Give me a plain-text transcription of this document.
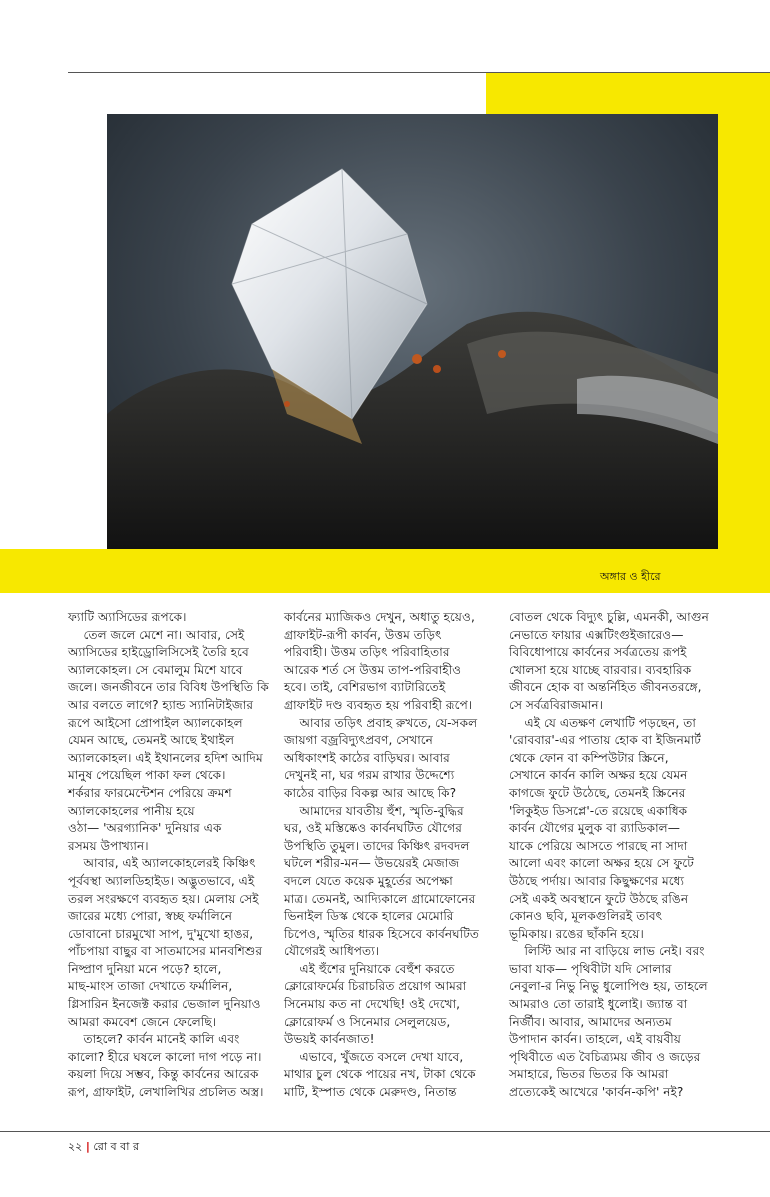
অঙ্গার ও হীরে
ফ্যাটি অ্যাসিডের রূপকে।
তেল জলে মেশে না। আবার, সেই
অ্যাসিডের হাইড্রোলিসিসেই তৈরি হবে
অ্যালকোহল। সে বেমালুম মিশে যাবে
জলে। জনজীবনে তার বিবিধ উপস্থিতি কি
আর বলতে লাগে? হ্যান্ড স্যানিটাইজার
রূপে আইসো প্রোপাইল অ্যালকোহল
যেমন আছে, তেমনই আছে ইথাইল
অ্যালকোহল। এই ইথানলের হদিশ আদিম
মানুষ পেয়েছিল পাকা ফল থেকে।
শর্করার ফারমেন্টেশন পেরিয়ে ক্রমশ
অ্যালকোহলের পানীয় হয়ে
ওঠা— 'অরগ্যানিক' দুনিয়ার এক
রসময় উপাখ্যান।
আবার, এই অ্যালকোহলেরই কিঞ্চিৎ
পূর্ববস্থা অ্যালডিহাইড। অদ্ভুতভাবে, এই
তরল সংরক্ষণে ব্যবহৃত হয়। মেলায় সেই
জারের মধ্যে পোরা, স্বচ্ছ ফর্মালিনে
ডোবানো চারমুখো সাপ, দু'মুখো হাঙর,
পাঁচপায়া বাছুর বা সাতমাসের মানবশিশুর
নিষ্প্রাণ দুনিয়া মনে পড়ে? হালে,
মাছ-মাংস তাজা দেখাতে ফর্মালিন,
গ্লিসারিন ইনজেক্ট করার ভেজাল দুনিয়াও
আমরা কমবেশ জেনে ফেলেছি।
তাহলে? কার্বন মানেই কালি এবং
কালো? হীরে ঘষলে কালো দাগ পড়ে না।
কয়লা দিয়ে সম্ভব, কিন্তু কার্বনের আরেক
রূপ, গ্রাফাইট, লেখালিখির প্রচলিত অস্ত্র।
কার্বনের ম্যাজিকও দেখুন, অধাতু হয়েও,
গ্রাফাইট-রূপী কার্বন, উত্তম তড়িৎ
পরিবাহী। উত্তম তড়িৎ পরিবাহিতার
আরেক শর্ত সে উত্তম তাপ-পরিবাহীও
হবে। তাই, বেশিরভাগ ব্যাটারিতেই
গ্রাফাইট দণ্ড ব্যবহৃত হয় পরিবাহী রূপে।
আবার তড়িৎ প্রবাহ রুখতে, যে-সকল
জায়গা বজ্রবিদ্যুৎপ্রবণ, সেখানে
অধিকাংশই কাঠের বাড়িঘর। আবার
দেখুনই না, ঘর গরম রাখার উদ্দেশ্যে
কাঠের বাড়ির বিকল্প আর আছে কি?
আমাদের যাবতীয় হুঁশ, স্মৃতি-বুদ্ধির
ঘর, ওই মস্তিষ্কেও কার্বনঘটিত যৌগের
উপস্থিতি তুমুল। তাদের কিঞ্চিৎ রদবদল
ঘটলে শরীর-মন— উভয়েরই মেজাজ
বদলে যেতে কয়েক মুহূর্তের অপেক্ষা
মাত্র। তেমনই, আদ্যিকালে গ্রামোফোনের
ভিনাইল ডিস্ক থেকে হালের মেমোরি
চিপেও, স্মৃতির ধারক হিসেবে কার্বনঘটিত
যৌগেরই আধিপত্য।
এই হুঁশের দুনিয়াকে বেহুঁশ করতে
ক্লোরোফর্মের চিরাচরিত প্রয়োগ আমরা
সিনেমায় কত না দেখেছি! ওই দেখো,
ক্লোরোফর্ম ও সিনেমার সেলুলয়েড,
উভয়ই কার্বনজাত!
এভাবে, খুঁজতে বসলে দেখা যাবে,
মাথার চুল থেকে পায়ের নখ, টাকা থেকে
মাটি, ইস্পাত থেকে মেরুদণ্ড, নিতান্ত
বোতল থেকে বিদ্যুৎ চুল্লি, এমনকী, আগুন
নেভাতে ফায়ার এক্সটিংগুইজারেও—
বিবিধোপায়ে কার্বনের সর্বত্রতেয় রূপই
খোলসা হয়ে যাচ্ছে বারবার। ব্যবহারিক
জীবনে হোক বা অন্তর্নিহিত জীবনতরঙ্গে,
সে সর্বত্রবিরাজমান।
এই যে এতক্ষণ লেখাটি পড়ছেন, তা
'রোববার'-এর পাতায় হোক বা ইজিনমার্ট
থেকে ফোন বা কম্পিউটার স্ক্রিনে,
সেখানে কার্বন কালি অক্ষর হয়ে যেমন
কাগজে ফুটে উঠেছে, তেমনই স্ক্রিনের
'লিকুইড ডিসপ্লে'-তে রয়েছে একাধিক
কার্বন যৌগের মুলুক বা র‍্যাডিকাল—
যাকে পেরিয়ে আসতে পারছে না সাদা
আলো এবং কালো অক্ষর হয়ে সে ফুটে
উঠছে পর্দায়। আবার কিছুক্ষণের মধ্যে
সেই একই অবস্থানে ফুটে উঠছে রঙিন
কোনও ছবি, মূলকগুলিরই তাবৎ
ভূমিকায়। রঙের ছাঁকনি হয়ে।
লিস্টি আর না বাড়িয়ে লাভ নেই। বরং
ভাবা যাক— পৃথিবীটা যদি সোলার
নেবুলা-র নিভু নিভু ধুলোপিণ্ড হয়, তাহলে
আমরাও তো তারাই ধুলোই। জ্যান্ত বা
নির্জীব। আবার, আমাদের অন্যতম
উপাদান কার্বন। তাহলে, এই বায়বীয়
পৃথিবীতে এত বৈচিত্র্যময় জীব ও জড়ের
সমাহারে, ভিতর ভিতর কি আমরা
প্রত্যেকেই আখেরে 'কার্বন-কপি' নই?
২২ | রো ব বা র
